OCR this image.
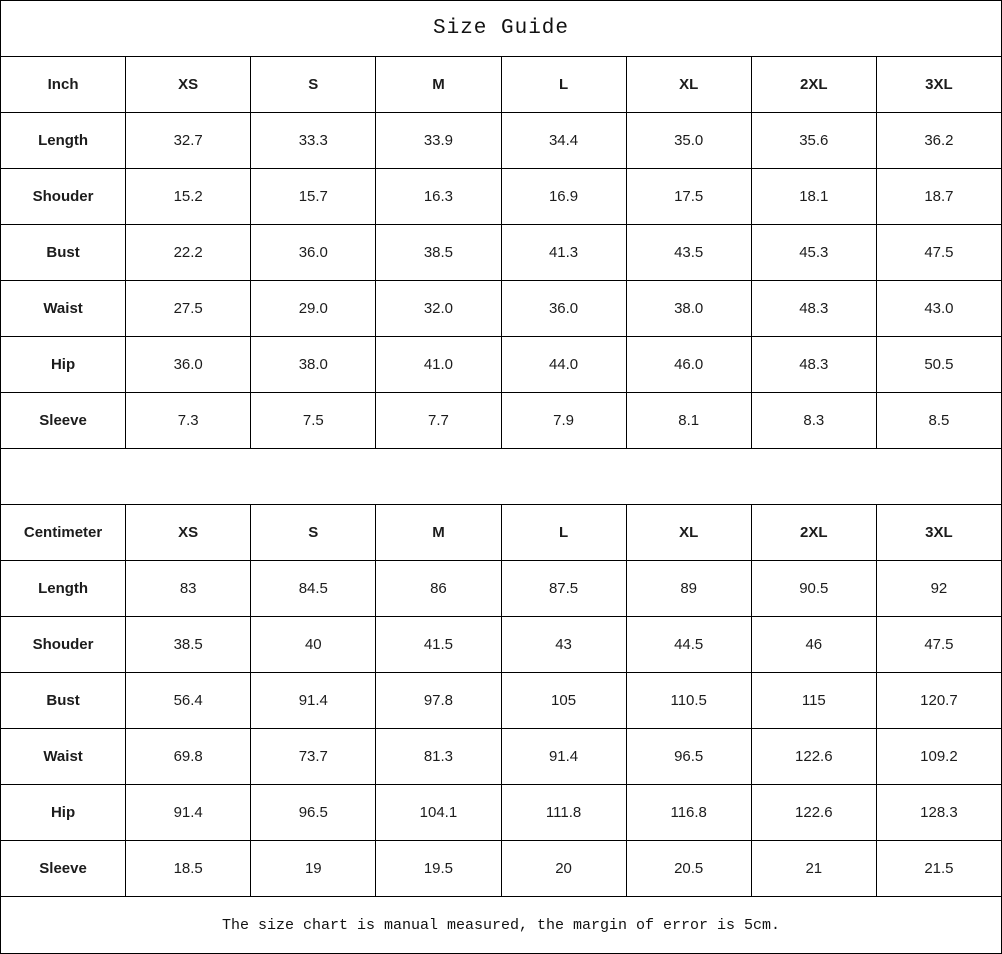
Size Guide							
Inch	XS	S	M	L	XL	2XL	3XL
Length	32.7	33.3	33.9	34.4	35.0	35.6	36.2
Shouder	15.2	15.7	16.3	16.9	17.5	18.1	18.7
Bust	22.2	36.0	38.5	41.3	43.5	45.3	47.5
Waist	27.5	29.0	32.0	36.0	38.0	48.3	43.0
Hip	36.0	38.0	41.0	44.0	46.0	48.3	50.5
Sleeve	7.3	7.5	7.7	7.9	8.1	8.3	8.5

Centimeter	XS	S	M	L	XL	2XL	3XL
Length	83	84.5	86	87.5	89	90.5	92
Shouder	38.5	40	41.5	43	44.5	46	47.5
Bust	56.4	91.4	97.8	105	110.5	115	120.7
Waist	69.8	73.7	81.3	91.4	96.5	122.6	109.2
Hip	91.4	96.5	104.1	111.8	116.8	122.6	128.3
Sleeve	18.5	19	19.5	20	20.5	21	21.5
The size chart is manual measured, the margin of error is 5cm.							
